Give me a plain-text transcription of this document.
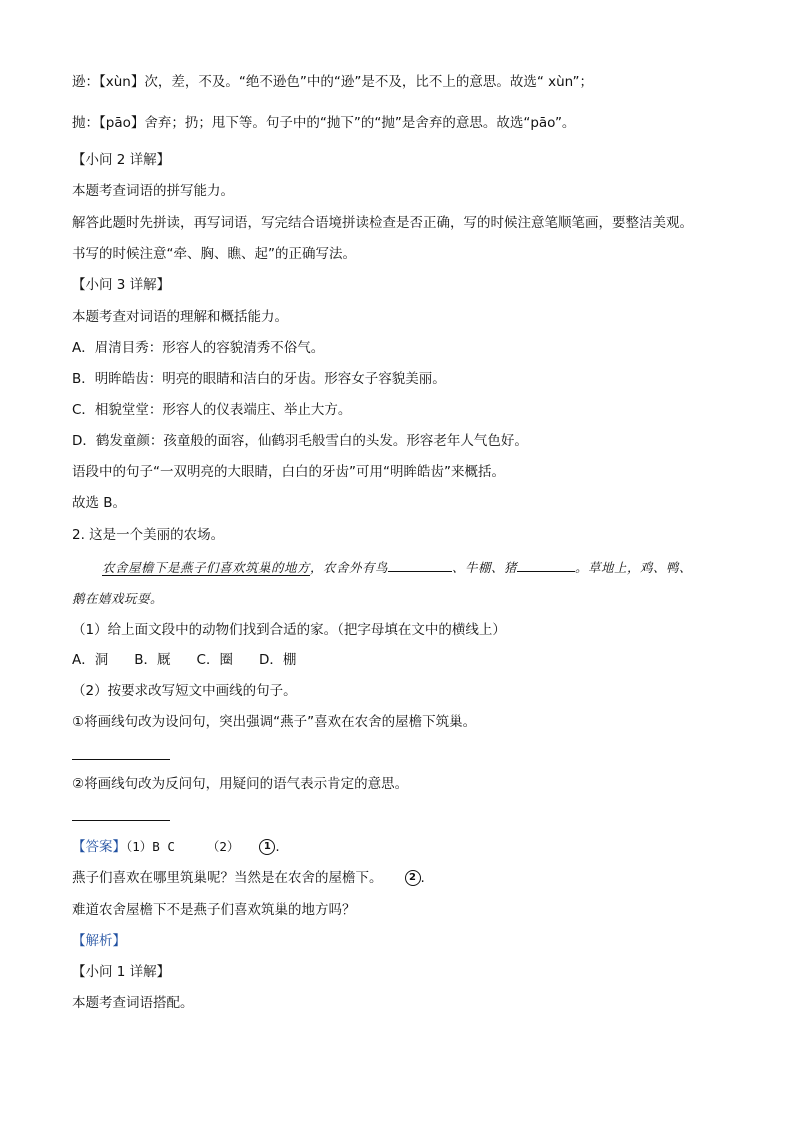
逊：【xùn】次，差，不及。“绝不逊色”中的“逊”是不及，比不上的意思。故选“ xùn”；
抛：【pāo】舍弃；扔；甩下等。句子中的“抛下”的“抛”是舍弃的意思。故选“pāo”。
【小问 2 详解】
本题考查词语的拼写能力。
解答此题时先拼读，再写词语，写完结合语境拼读检查是否正确，写的时候注意笔顺笔画，要整洁美观。
书写的时候注意“牵、胸、瞧、起”的正确写法。
【小问 3 详解】
本题考查对词语的理解和概括能力。
A．眉清目秀：形容人的容貌清秀不俗气。
B．明眸皓齿：明亮的眼睛和洁白的牙齿。形容女子容貌美丽。
C．相貌堂堂：形容人的仪表端庄、举止大方。
D．鹤发童颜：孩童般的面容，仙鹤羽毛般雪白的头发。形容老年人气色好。
语段中的句子“一双明亮的大眼睛，白白的牙齿”可用“明眸皓齿”来概括。
故选 B。
2. 这是一个美丽的农场。
农舍屋檐下是燕子们喜欢筑巢的地方，农舍外有鸟	、牛棚、猪	。草地上，鸡、鸭、
鹅在嬉戏玩耍。
（1）给上面文段中的动物们找到合适的家。（把字母填在文中的横线上）
A．洞 B．厩 C．圈 D．棚
（2）按要求改写短文中画线的句子。
①将画线句改为设问句，突出强调“燕子”喜欢在农舍的屋檐下筑巢。
②将画线句改为反问句，用疑问的语气表示肯定的意思。
【答案】（1）B C	（2） 1 .
燕子们喜欢在哪里筑巢呢？当然是在农舍的屋檐下。	2 .
难道农舍屋檐下不是燕子们喜欢筑巢的地方吗？
【解析】
【小问 1 详解】
本题考查词语搭配。
